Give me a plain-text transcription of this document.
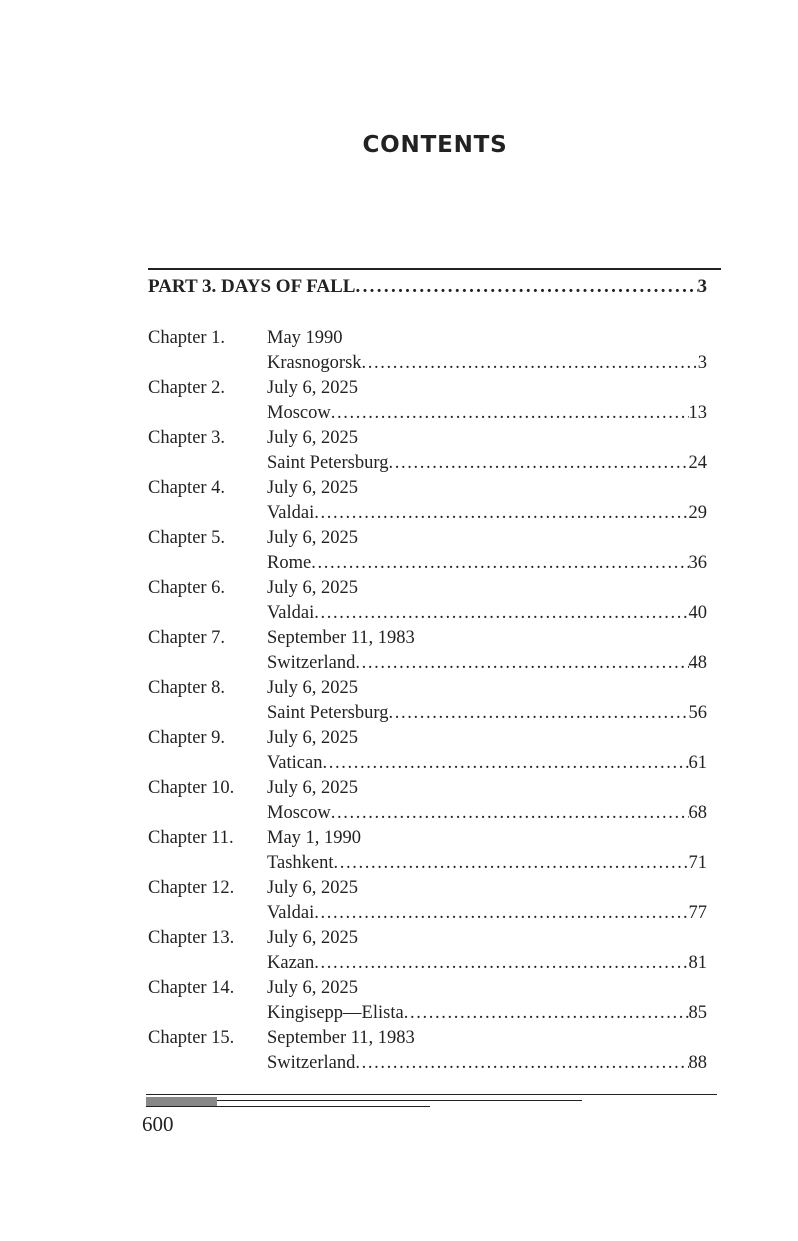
CONTENTS
PART 3. DAYS OF FALL . . .	3
Chapter 1.	May 1990
Krasnogorsk . . .	3
Chapter 2.	July 6, 2025
Moscow . . .	13
Chapter 3.	July 6, 2025
Saint Petersburg . . .	24
Chapter 4.	July 6, 2025
Valdai . . .	29
Chapter 5.	July 6, 2025
Rome . . .	36
Chapter 6.	July 6, 2025
Valdai . . .	40
Chapter 7.	September 11, 1983
Switzerland . . .	48
Chapter 8.	July 6, 2025
Saint Petersburg . . .	56
Chapter 9.	July 6, 2025
Vatican . . .	61
Chapter 10.	July 6, 2025
Moscow . . .	68
Chapter 11.	May 1, 1990
Tashkent . . .	71
Chapter 12.	July 6, 2025
Valdai . . .	77
Chapter 13.	July 6, 2025
Kazan . . .	81
Chapter 14.	July 6, 2025
Kingisepp—Elista . . .	85
Chapter 15.	September 11, 1983
Switzerland . . .	88
600
